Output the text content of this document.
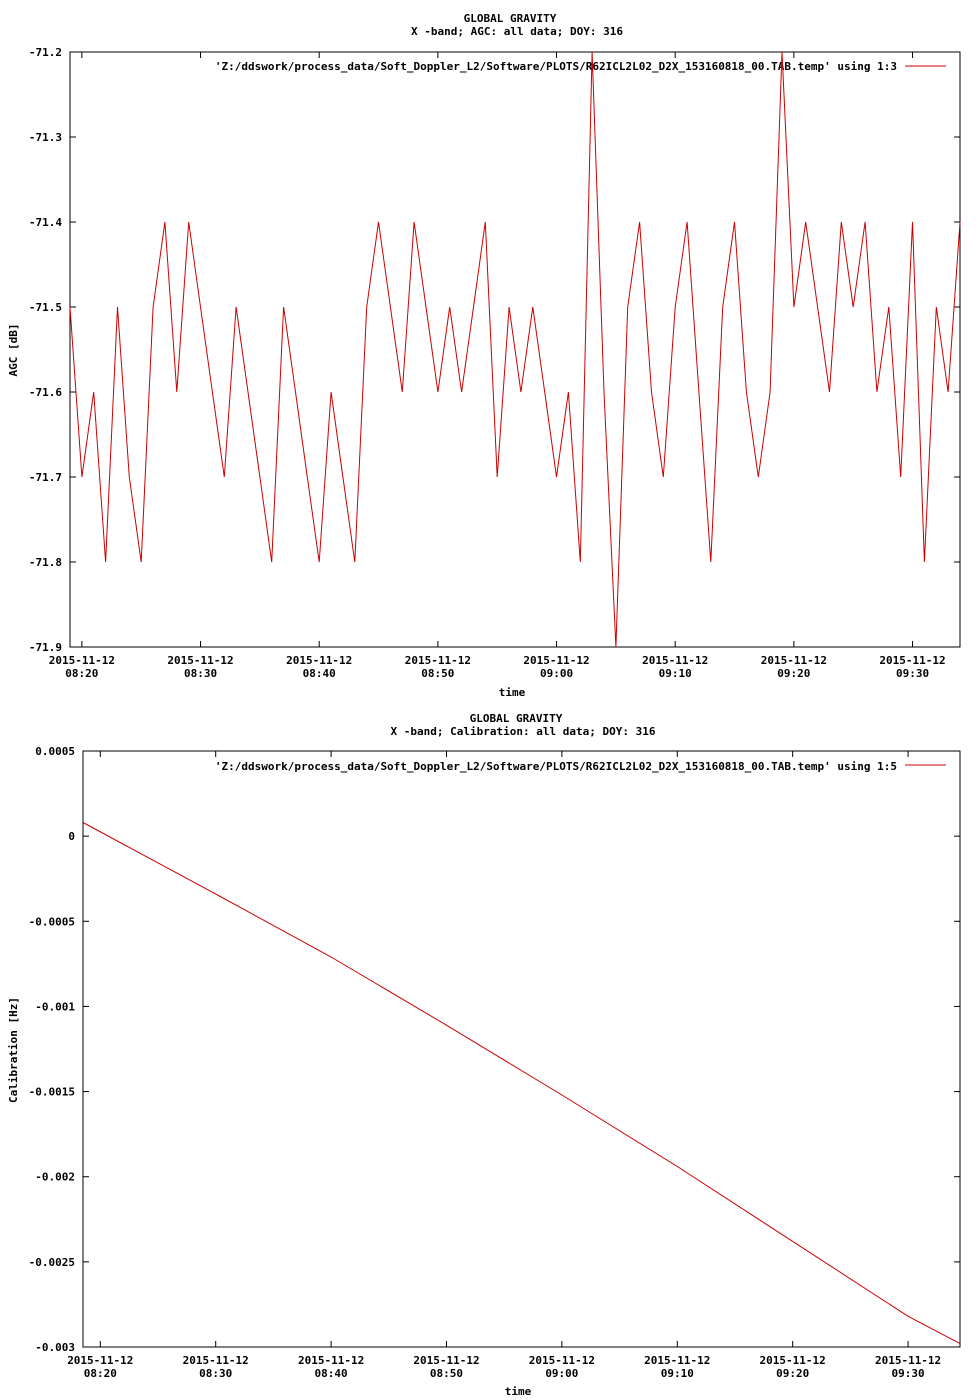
GLOBAL GRAVITY
X -band; AGC: all data; DOY: 316
-71.2
-71.3
-71.4
-71.5
-71.6
-71.7
-71.8
-71.9
2015-11-12
08:20
2015-11-12
08:30
2015-11-12
08:40
2015-11-12
08:50
2015-11-12
09:00
2015-11-12
09:10
2015-11-12
09:20
2015-11-12
09:30
AGC [dB]
time
'Z:/ddswork/process_data/Soft_Doppler_L2/Software/PLOTS/R62ICL2L02_D2X_153160818_00.TAB.temp' using 1:3
GLOBAL GRAVITY
X -band; Calibration: all data; DOY: 316
0.0005
0
-0.0005
-0.001
-0.0015
-0.002
-0.0025
-0.003
2015-11-12
08:20
2015-11-12
08:30
2015-11-12
08:40
2015-11-12
08:50
2015-11-12
09:00
2015-11-12
09:10
2015-11-12
09:20
2015-11-12
09:30
Calibration [Hz]
time
'Z:/ddswork/process_data/Soft_Doppler_L2/Software/PLOTS/R62ICL2L02_D2X_153160818_00.TAB.temp' using 1:5
